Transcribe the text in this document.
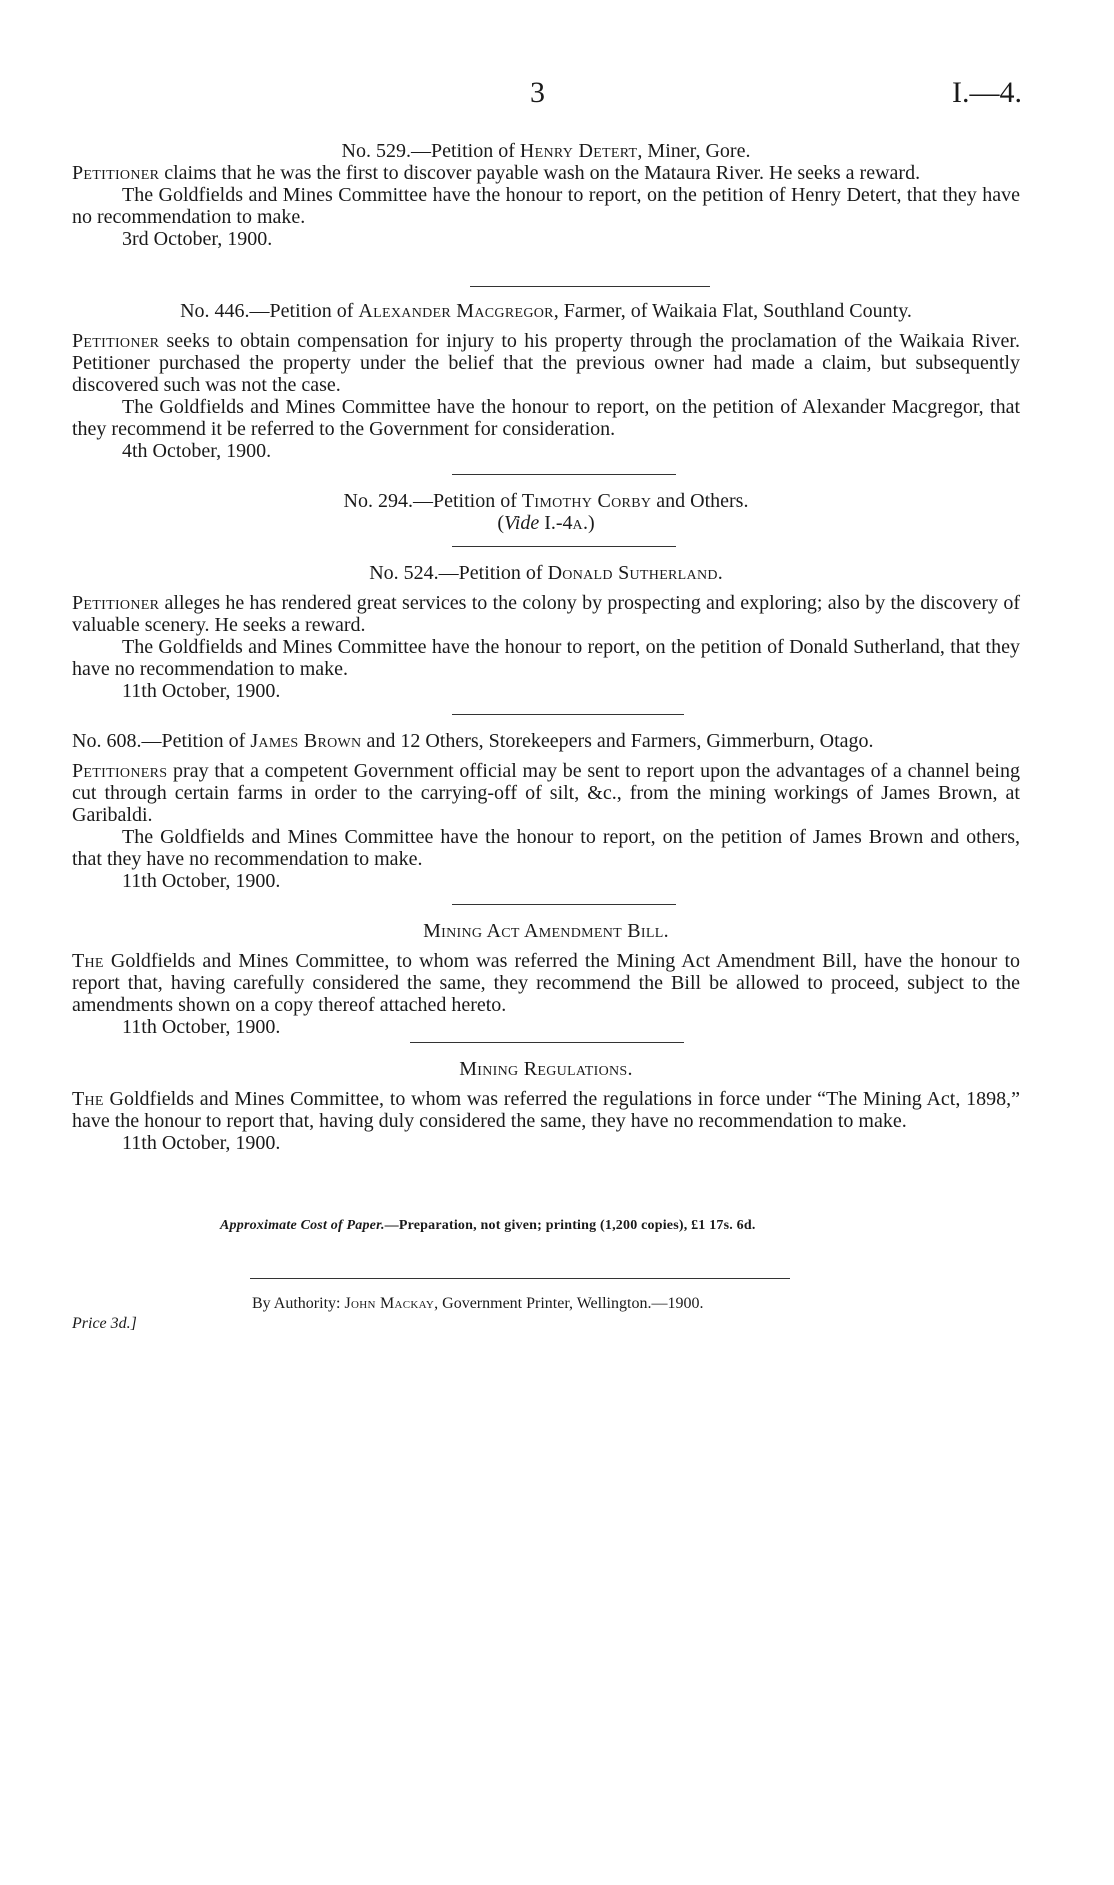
3	I.—4.

No. 529.—Petition of Henry Detert, Miner, Gore.

Petitioner claims that he was the first to discover payable wash on the Mataura River. He seeks a reward.

The Goldfields and Mines Committee have the honour to report, on the petition of Henry Detert, that they have no recommendation to make.

3rd October, 1900.

No. 446.—Petition of Alexander Macgregor, Farmer, of Waikaia Flat, Southland County.

Petitioner seeks to obtain compensation for injury to his property through the proclamation of the Waikaia River. Petitioner purchased the property under the belief that the previous owner had made a claim, but subsequently discovered such was not the case.

The Goldfields and Mines Committee have the honour to report, on the petition of Alexander Macgregor, that they recommend it be referred to the Government for consideration.

4th October, 1900.

No. 294.—Petition of Timothy Corby and Others.

(Vide I.-4a.)

No. 524.—Petition of Donald Sutherland.

Petitioner alleges he has rendered great services to the colony by prospecting and exploring; also by the discovery of valuable scenery. He seeks a reward.

The Goldfields and Mines Committee have the honour to report, on the petition of Donald Sutherland, that they have no recommendation to make.

11th October, 1900.

No. 608.—Petition of James Brown and 12 Others, Storekeepers and Farmers, Gimmerburn, Otago.

Petitioners pray that a competent Government official may be sent to report upon the advantages of a channel being cut through certain farms in order to the carrying-off of silt, &c., from the mining workings of James Brown, at Garibaldi.

The Goldfields and Mines Committee have the honour to report, on the petition of James Brown and others, that they have no recommendation to make.

11th October, 1900.

Mining Act Amendment Bill.

The Goldfields and Mines Committee, to whom was referred the Mining Act Amendment Bill, have the honour to report that, having carefully considered the same, they recommend the Bill be allowed to proceed, subject to the amendments shown on a copy thereof attached hereto.

11th October, 1900.

Mining Regulations.

The Goldfields and Mines Committee, to whom was referred the regulations in force under “The Mining Act, 1898,” have the honour to report that, having duly considered the same, they have no recommendation to make.

11th October, 1900.

Approximate Cost of Paper.—Preparation, not given; printing (1,200 copies), £1 17s. 6d.
By Authority: John Mackay, Government Printer, Wellington.—1900.
Price 3d.]
